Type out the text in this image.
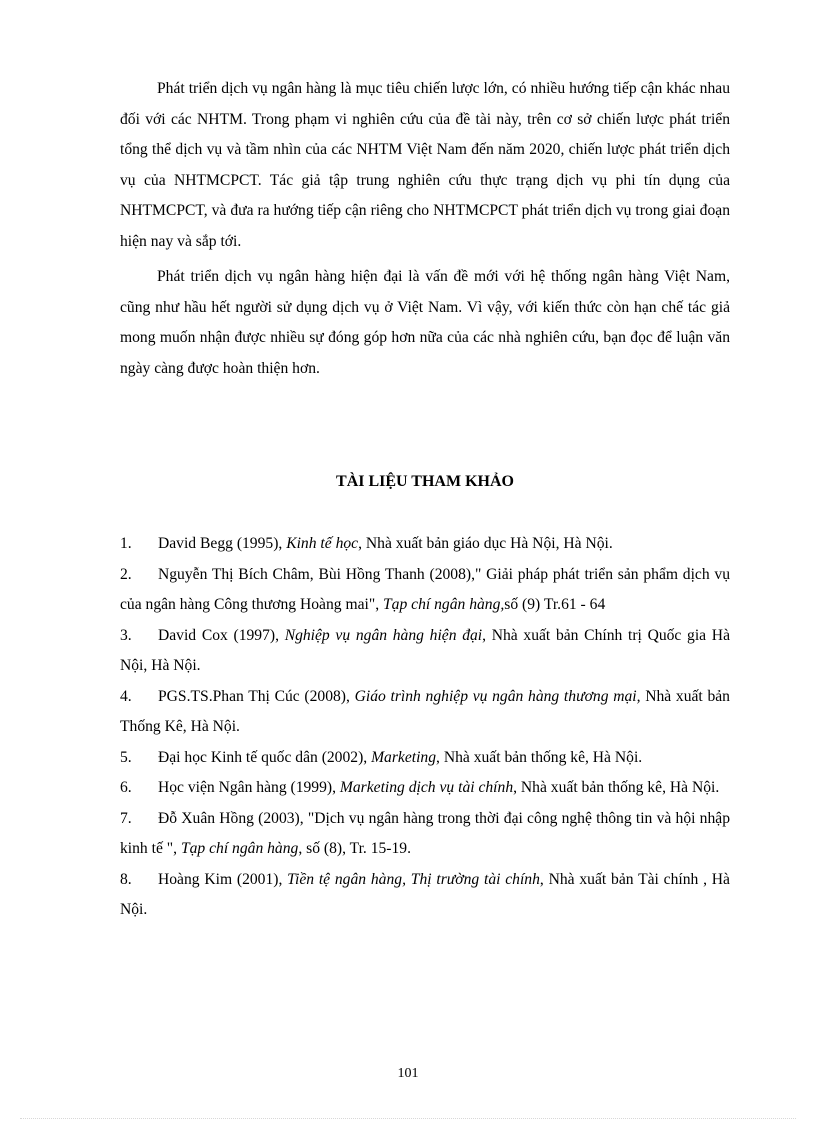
Phát triển dịch vụ ngân hàng là mục tiêu chiến lược lớn, có nhiều hướng tiếp cận khác nhau đối với các NHTM. Trong phạm vi nghiên cứu của đề tài này, trên cơ sở chiến lược phát triển tổng thể dịch vụ và tầm nhìn của các NHTM Việt Nam đến năm 2020, chiến lược phát triển dịch vụ của NHTMCPCT. Tác giả tập trung nghiên cứu thực trạng dịch vụ phi tín dụng của NHTMCPCT, và đưa ra hướng tiếp cận riêng cho NHTMCPCT phát triển dịch vụ trong giai đoạn hiện nay và sắp tới.

Phát triển dịch vụ ngân hàng hiện đại là vấn đề mới với hệ thống ngân hàng Việt Nam, cũng như hầu hết người sử dụng dịch vụ ở Việt Nam. Vì vậy, với kiến thức còn hạn chế tác giả mong muốn nhận được nhiều sự đóng góp hơn nữa của các nhà nghiên cứu, bạn đọc để luận văn ngày càng được hoàn thiện hơn.

TÀI LIỆU THAM KHẢO
1. David Begg (1995), Kinh tế học, Nhà xuất bản giáo dục Hà Nội, Hà Nội.
2. Nguyễn Thị Bích Châm, Bùi Hồng Thanh (2008)," Giải pháp phát triển sản phẩm dịch vụ của ngân hàng Công thương Hoàng mai", Tạp chí ngân hàng,số (9) Tr.61 - 64
3. David Cox (1997), Nghiệp vụ ngân hàng hiện đại, Nhà xuất bản Chính trị Quốc gia Hà Nội, Hà Nội.
4. PGS.TS.Phan Thị Cúc (2008), Giáo trình nghiệp vụ ngân hàng thương mại, Nhà xuất bản Thống Kê, Hà Nội.
5. Đại học Kinh tế quốc dân (2002), Marketing, Nhà xuất bản thống kê, Hà Nội.
6. Học viện Ngân hàng (1999), Marketing dịch vụ tài chính, Nhà xuất bản thống kê, Hà Nội.
7. Đỗ Xuân Hồng (2003), "Dịch vụ ngân hàng trong thời đại công nghệ thông tin và hội nhập kinh tế ", Tạp chí ngân hàng, số (8), Tr. 15-19.
8. Hoàng Kim (2001), Tiền tệ ngân hàng, Thị trường tài chính, Nhà xuất bản Tài chính , Hà Nội.
101
